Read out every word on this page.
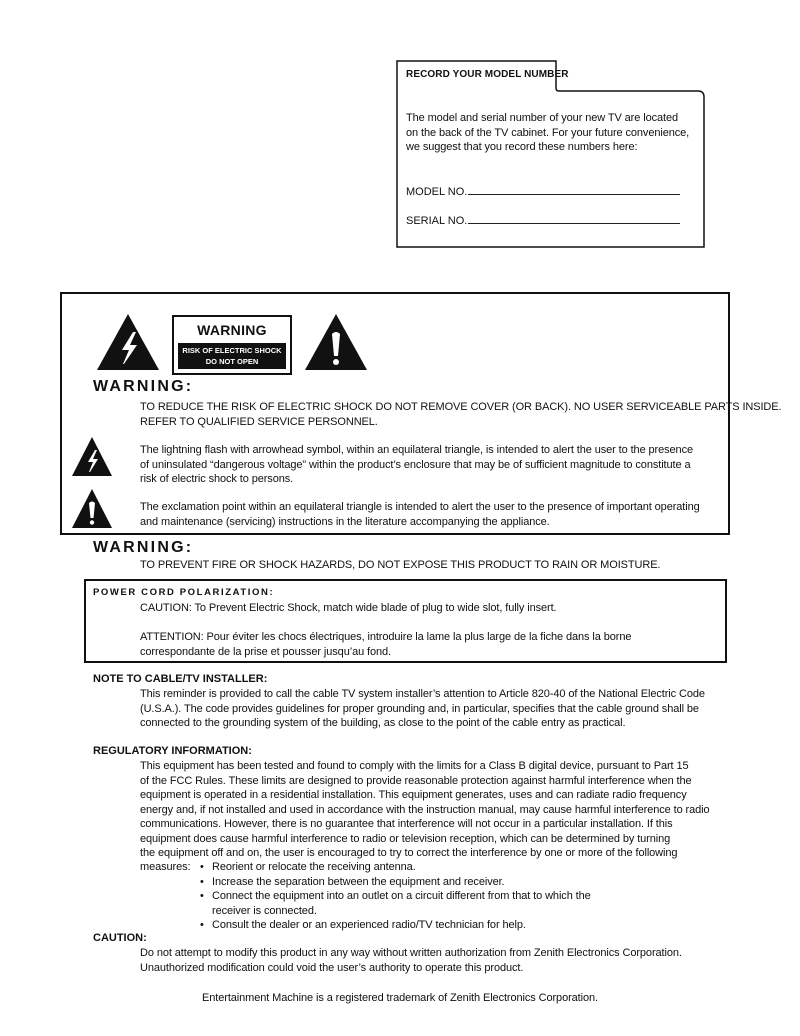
RECORD YOUR MODEL NUMBER
The model and serial number of your new TV are located
on the back of the TV cabinet. For your future convenience,
we suggest that you record these numbers here:
MODEL NO.
SERIAL NO.
WARNING
RISK OF ELECTRIC SHOCK
DO NOT OPEN
WARNING:
TO REDUCE THE RISK OF ELECTRIC SHOCK DO NOT REMOVE COVER (OR BACK). NO USER SERVICEABLE PARTS INSIDE.
REFER TO QUALIFIED SERVICE PERSONNEL.
The lightning flash with arrowhead symbol, within an equilateral triangle, is intended to alert the user to the presence
of uninsulated “dangerous voltage” within the product’s enclosure that may be of sufficient magnitude to constitute a
risk of electric shock to persons.
The exclamation point within an equilateral triangle is intended to alert the user to the presence of important operating
and maintenance (servicing) instructions in the literature accompanying the appliance.
WARNING:
TO PREVENT FIRE OR SHOCK HAZARDS, DO NOT EXPOSE THIS PRODUCT TO RAIN OR MOISTURE.
POWER CORD POLARIZATION:
CAUTION: To Prevent Electric Shock, match wide blade of plug to wide slot, fully insert.
ATTENTION: Pour éviter les chocs électriques, introduire la lame la plus large de la fiche dans la borne
correspondante de la prise et pousser jusqu’au fond.
NOTE TO CABLE/TV INSTALLER:
This reminder is provided to call the cable TV system installer’s attention to Article 820-40 of the National Electric Code
(U.S.A.). The code provides guidelines for proper grounding and, in particular, specifies that the cable ground shall be
connected to the grounding system of the building, as close to the point of the cable entry as practical.
REGULATORY INFORMATION:
This equipment has been tested and found to comply with the limits for a Class B digital device, pursuant to Part 15
of the FCC Rules. These limits are designed to provide reasonable protection against harmful interference when the
equipment is operated in a residential installation. This equipment generates, uses and can radiate radio frequency
energy and, if not installed and used in accordance with the instruction manual, may cause harmful interference to radio
communications. However, there is no guarantee that interference will not occur in a particular installation. If this
equipment does cause harmful interference to radio or television reception, which can be determined by turning
the equipment off and on, the user is encouraged to try to correct the interference by one or more of the following
measures:
•	Reorient or relocate the receiving antenna.
• Increase the separation between the equipment and receiver.
• Connect the equipment into an outlet on a circuit different from that to which the
receiver is connected.
• Consult the dealer or an experienced radio/TV technician for help.
CAUTION:
Do not attempt to modify this product in any way without written authorization from Zenith Electronics Corporation.
Unauthorized modification could void the user’s authority to operate this product.
Entertainment Machine is a registered trademark of Zenith Electronics Corporation.
